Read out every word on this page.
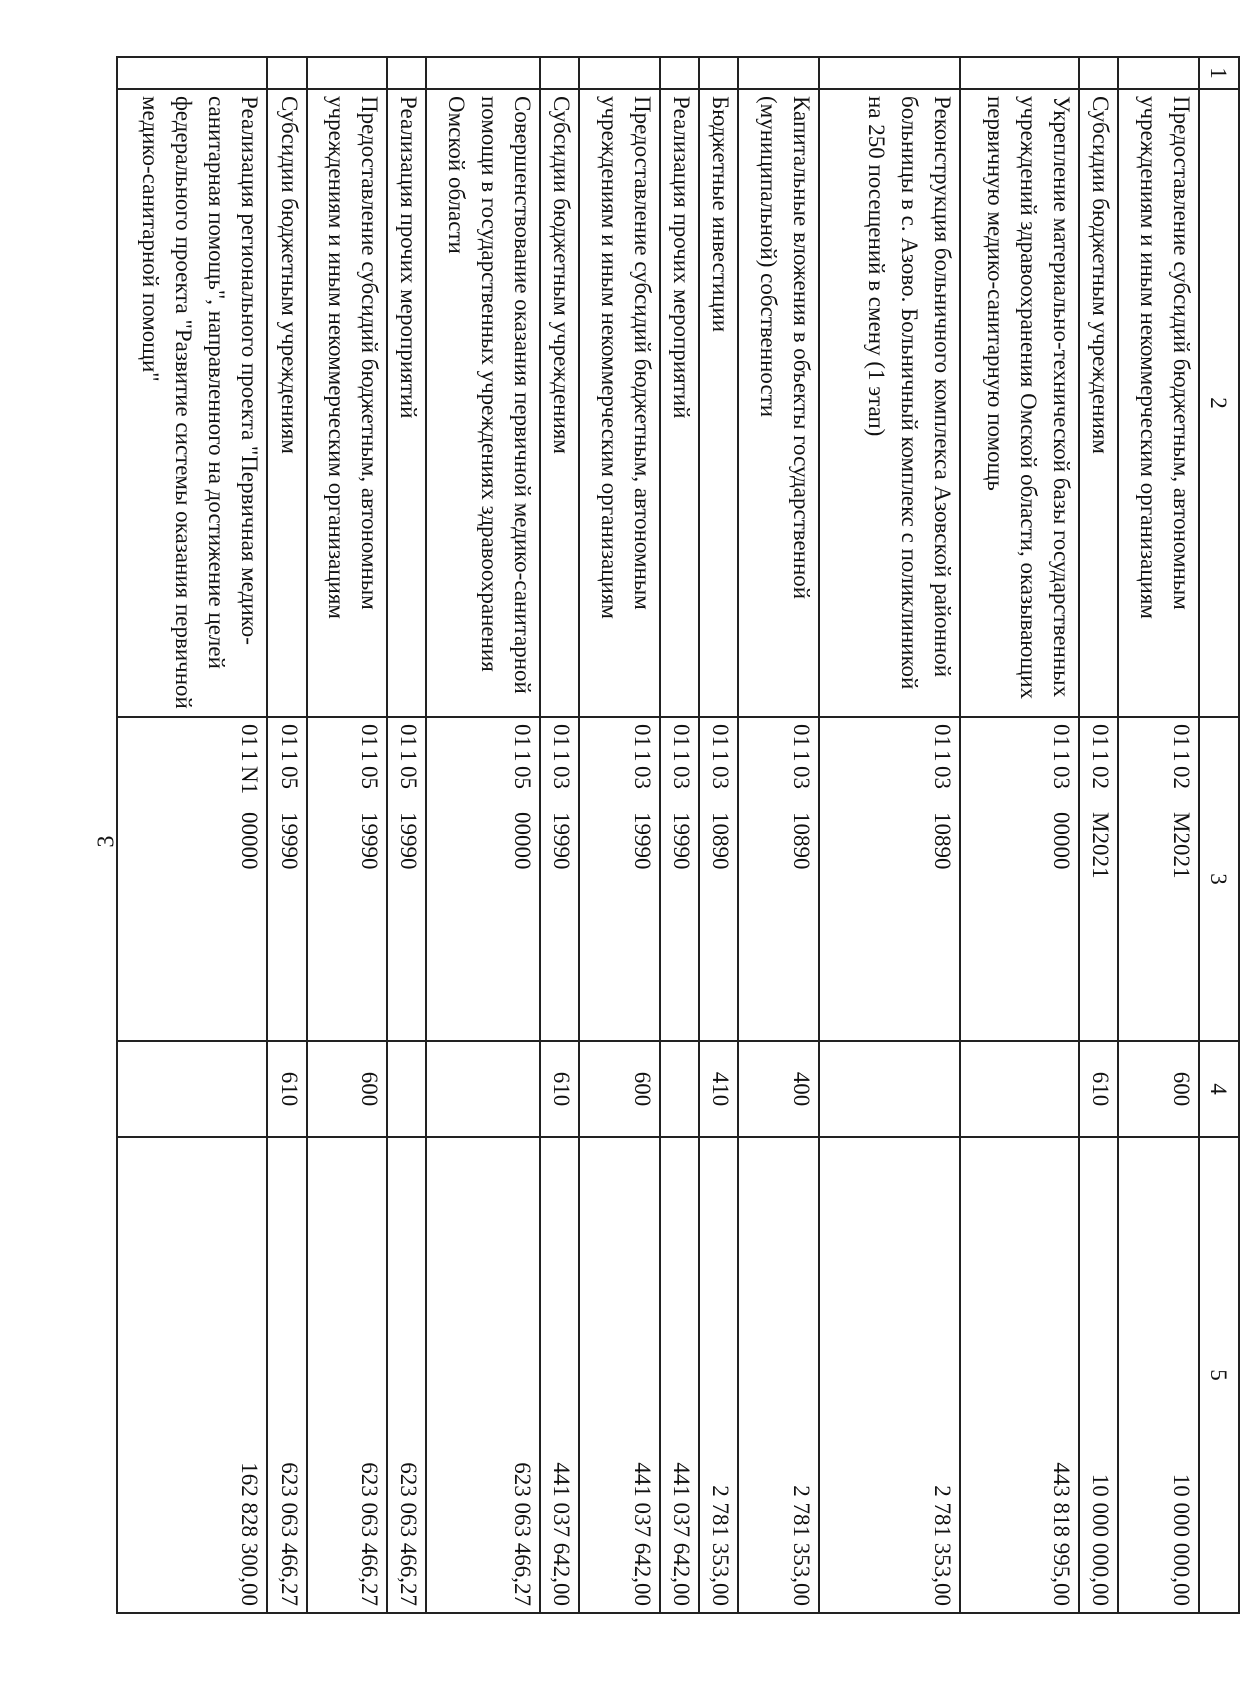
3
1	2	3	4	5
	Предоставление субсидий бюджетным, автономным учреждениям и иным некоммерческим организациям	01102M2021	600	10 000 000,00
	Субсидии бюджетным учреждениям	01102M2021	610	10 000 000,00
	Укрепление материально-технической базы государственных учреждений здравоохранения Омской области, оказывающих первичную медико-санитарную помощь	0110300000		443 818 995,00
	Реконструкция больничного комплекса Азовской районной больницы в с. Азово. Больничный комплекс с поликлиникой на 250 посещений в смену (1 этап)	0110310890		2 781 353,00
	Капитальные вложения в объекты государственной (муниципальной) собственности	0110310890	400	2 781 353,00
	Бюджетные инвестиции	0110310890	410	2 781 353,00
	Реализация прочих мероприятий	0110319990		441 037 642,00
	Предоставление субсидий бюджетным, автономным учреждениям и иным некоммерческим организациям	0110319990	600	441 037 642,00
	Субсидии бюджетным учреждениям	0110319990	610	441 037 642,00
	Совершенствование оказания первичной медико-санитарной помощи в государственных учреждениях здравоохранения Омской области	0110500000		623 063 466,27
	Реализация прочих мероприятий	0110519990		623 063 466,27
	Предоставление субсидий бюджетным, автономным учреждениям и иным некоммерческим организациям	0110519990	600	623 063 466,27
	Субсидии бюджетным учреждениям	0110519990	610	623 063 466,27
	Реализация регионального проекта "Первичная медико-санитарная помощь", направленного на достижение целей федерального проекта "Развитие системы оказания первичной медико-санитарной помощи"	011N100000		162 828 300,00
